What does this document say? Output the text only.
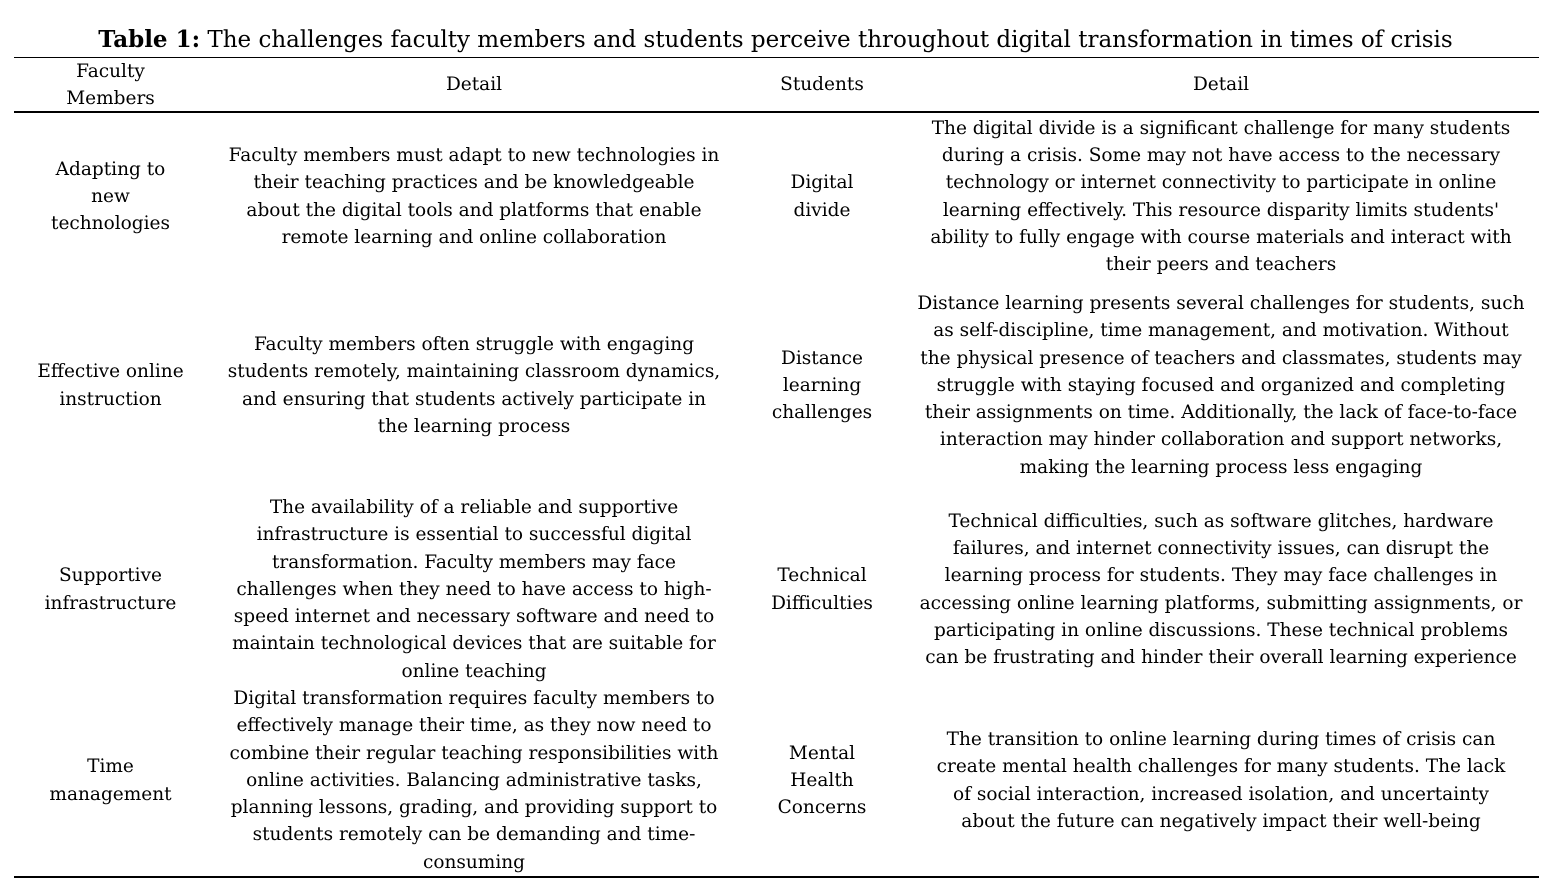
Table 1: The challenges faculty members and students perceive throughout digital transformation in times of crisis
Faculty Members
Detail	Students	Detail
Adapting to new technologies
Faculty members must adapt to new technologies in their teaching practices and be knowledgeable about the digital tools and platforms that enable remote learning and online collaboration
Digital divide
The digital divide is a significant challenge for many students during a crisis. Some may not have access to the necessary technology or internet connectivity to participate in online learning effectively. This resource disparity limits students' ability to fully engage with course materials and interact with their peers and teachers
Effective online instruction
Faculty members often struggle with engaging students remotely, maintaining classroom dynamics, and ensuring that students actively participate in the learning process
Distance learning challenges
Distance learning presents several challenges for students, such as self-discipline, time management, and motivation. Without the physical presence of teachers and classmates, students may struggle with staying focused and organized and completing their assignments on time. Additionally, the lack of face-to-face interaction may hinder collaboration and support networks, making the learning process less engaging
Supportive infrastructure
The availability of a reliable and supportive infrastructure is essential to successful digital transformation. Faculty members may face challenges when they need to have access to high-speed internet and necessary software and need to maintain technological devices that are suitable for online teaching
Technical Difficulties
Technical difficulties, such as software glitches, hardware failures, and internet connectivity issues, can disrupt the learning process for students. They may face challenges in accessing online learning platforms, submitting assignments, or participating in online discussions. These technical problems can be frustrating and hinder their overall learning experience
Time management
Digital transformation requires faculty members to effectively manage their time, as they now need to combine their regular teaching responsibilities with online activities. Balancing administrative tasks, planning lessons, grading, and providing support to students remotely can be demanding and time-consuming
Mental Health Concerns
The transition to online learning during times of crisis can create mental health challenges for many students. The lack of social interaction, increased isolation, and uncertainty about the future can negatively impact their well-being
